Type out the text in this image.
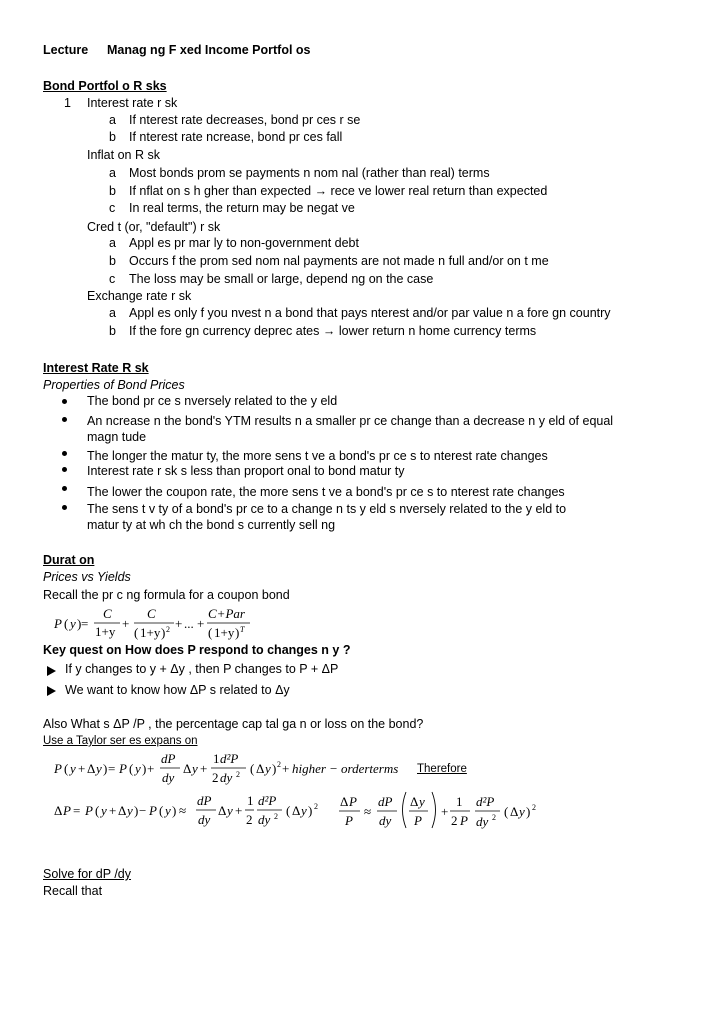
Lecture Manag ng F xed Income Portfol os
Bond Portfol o R sks
1 Interest rate r sk
a If nterest rate decreases, bond pr ces r se
b If nterest rate ncrease, bond pr ces fall
Inflat on R sk
a Most bonds prom se payments n nom nal (rather than real) terms
b If nflat on s h gher than expected → rece ve lower real return than expected
c In real terms, the return may be negat ve
Cred t (or, "default") r sk
a Appl es pr mar ly to non-government debt
b Occurs f the prom sed nom nal payments are not made n full and/or on t me
c The loss may be small or large, depend ng on the case
Exchange rate r sk
a Appl es only f you nvest n a bond that pays nterest and/or par value n a fore gn country
b If the fore gn currency deprec ates → lower return n home currency terms
Interest Rate R sk
Properties of Bond Prices
The bond pr ce s nversely related to the y eld
An ncrease n the bond's YTM results n a smaller pr ce change than a decrease n y eld of equal
magn tude
The longer the matur ty, the more sens t ve a bond's pr ce s to nterest rate changes
Interest rate r sk s less than proport onal to bond matur ty
The lower the coupon rate, the more sens t ve a bond's pr ce s to nterest rate changes
The sens t v ty of a bond's pr ce to a change n ts y eld s nversely related to the y eld to
matur ty at wh ch the bond s currently sell ng
Durat on
Prices vs Yields
Recall the pr c ng formula for a coupon bond
P ( y ) =
C
1+y
+
C
( 1+y ) 2 + ... +
C+Par
( 1+y ) T
Key quest on How does P respond to changes n y ?
If y changes to y + Δy , then P changes to P + ΔP
We want to know how ΔP s related to Δy
Also What s ΔP /P , the percentage cap tal ga n or loss on the bond?
Use a Taylor ser es expans on
P ( y + Δ y ) = P ( y ) +
dP
dy
Δ y +
1 d²P
2 dy 2 ( Δ y ) 2 + higher − orderterms Therefore
Δ P = P ( y + Δ y ) − P ( y ) ≈
dP
dy
Δ y +
1
2
d²P
dy 2 ( Δ y ) 2 Δ P
P
≈
dP
dy
Δ y
P
+
1
2 P
d²P
dy 2 ( Δ y ) 2
Solve for dP /dy
Recall that
